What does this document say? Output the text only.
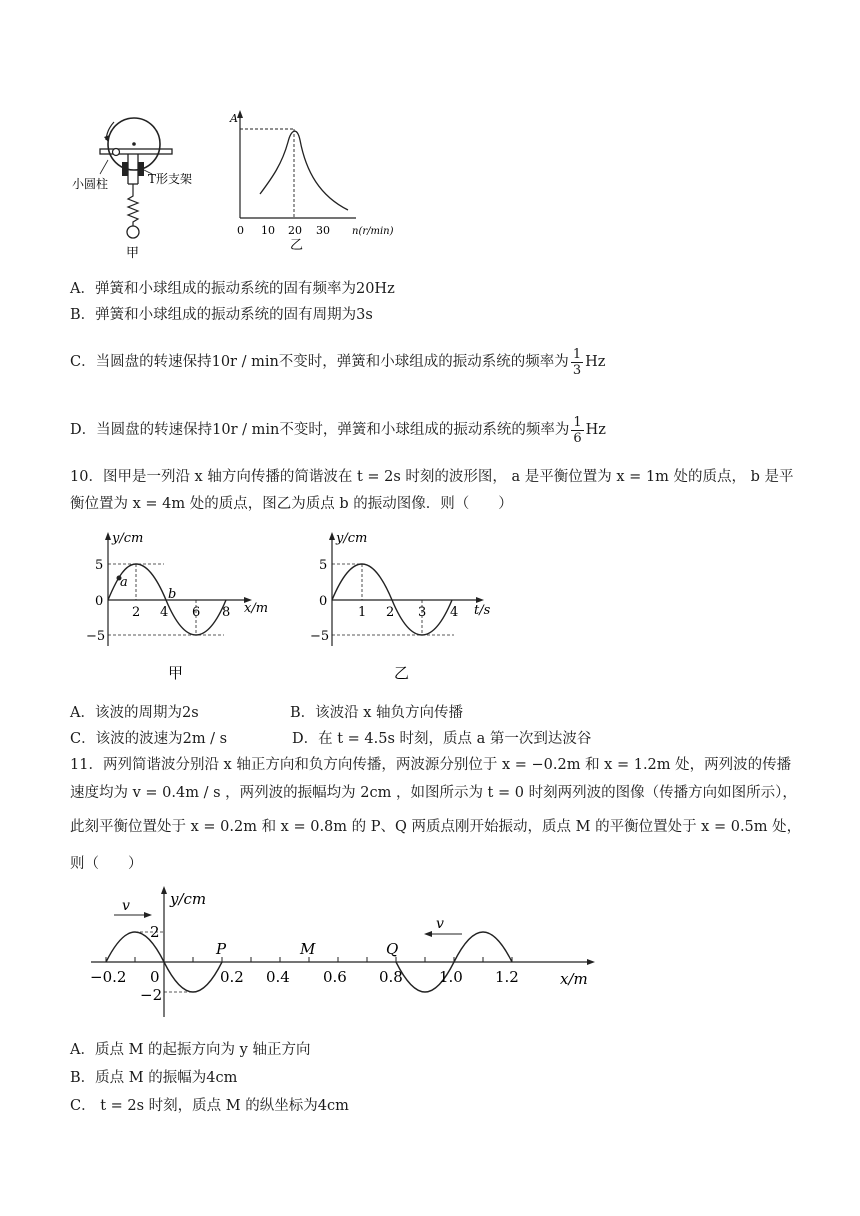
小圆柱	T形支架
甲
A
0 10 20 30 n(r/min)
乙
A．弹簧和小球组成的振动系统的固有频率为20Hz
B．弹簧和小球组成的振动系统的固有周期为3s
C．当圆盘的转速保持10r / min不变时，弹簧和小球组成的振动系统的频率为 $\frac{1}{3}$ Hz
D．当圆盘的转速保持10r / min不变时，弹簧和小球组成的振动系统的频率为 $\frac{1}{6}$ Hz
10．图甲是一列沿 x 轴方向传播的简谐波在 t = 2s 时刻的波形图， a 是平衡位置为 x = 1m 处的质点， b 是平
衡位置为 x = 4m 处的质点，图乙为质点 b 的振动图像．则（　　）
y/cm
x/m
a
b
5
0
−5
2 4 6 8
甲
y/cm
t/s
5
0
−5
1 2 3 4
乙
A．该波的周期为2s	B．该波沿 x 轴负方向传播
C．该波的波速为2m / s	D．在 t = 4.5s 时刻，质点 a 第一次到达波谷
11．两列简谐波分别沿 x 轴正方向和负方向传播，两波源分别位于 x = −0.2m 和 x = 1.2m 处，两列波的传播
速度均为 v = 0.4m / s ，两列波的振幅均为 2cm ，如图所示为 t = 0 时刻两列波的图像（传播方向如图所示），
此刻平衡位置处于 x = 0.2m 和 x = 0.8m 的 P、Q 两质点刚开始振动，质点 M 的平衡位置处于 x = 0.5m 处，
则（　　）
v
v
y/cm
x/m
2
−2
P	M	Q
−0.2 0	0.2 0.4 0.6 0.8 1.0 1.2
A．质点 M 的起振方向为 y 轴正方向
B．质点 M 的振幅为4cm
C． t = 2s 时刻，质点 M 的纵坐标为4cm
